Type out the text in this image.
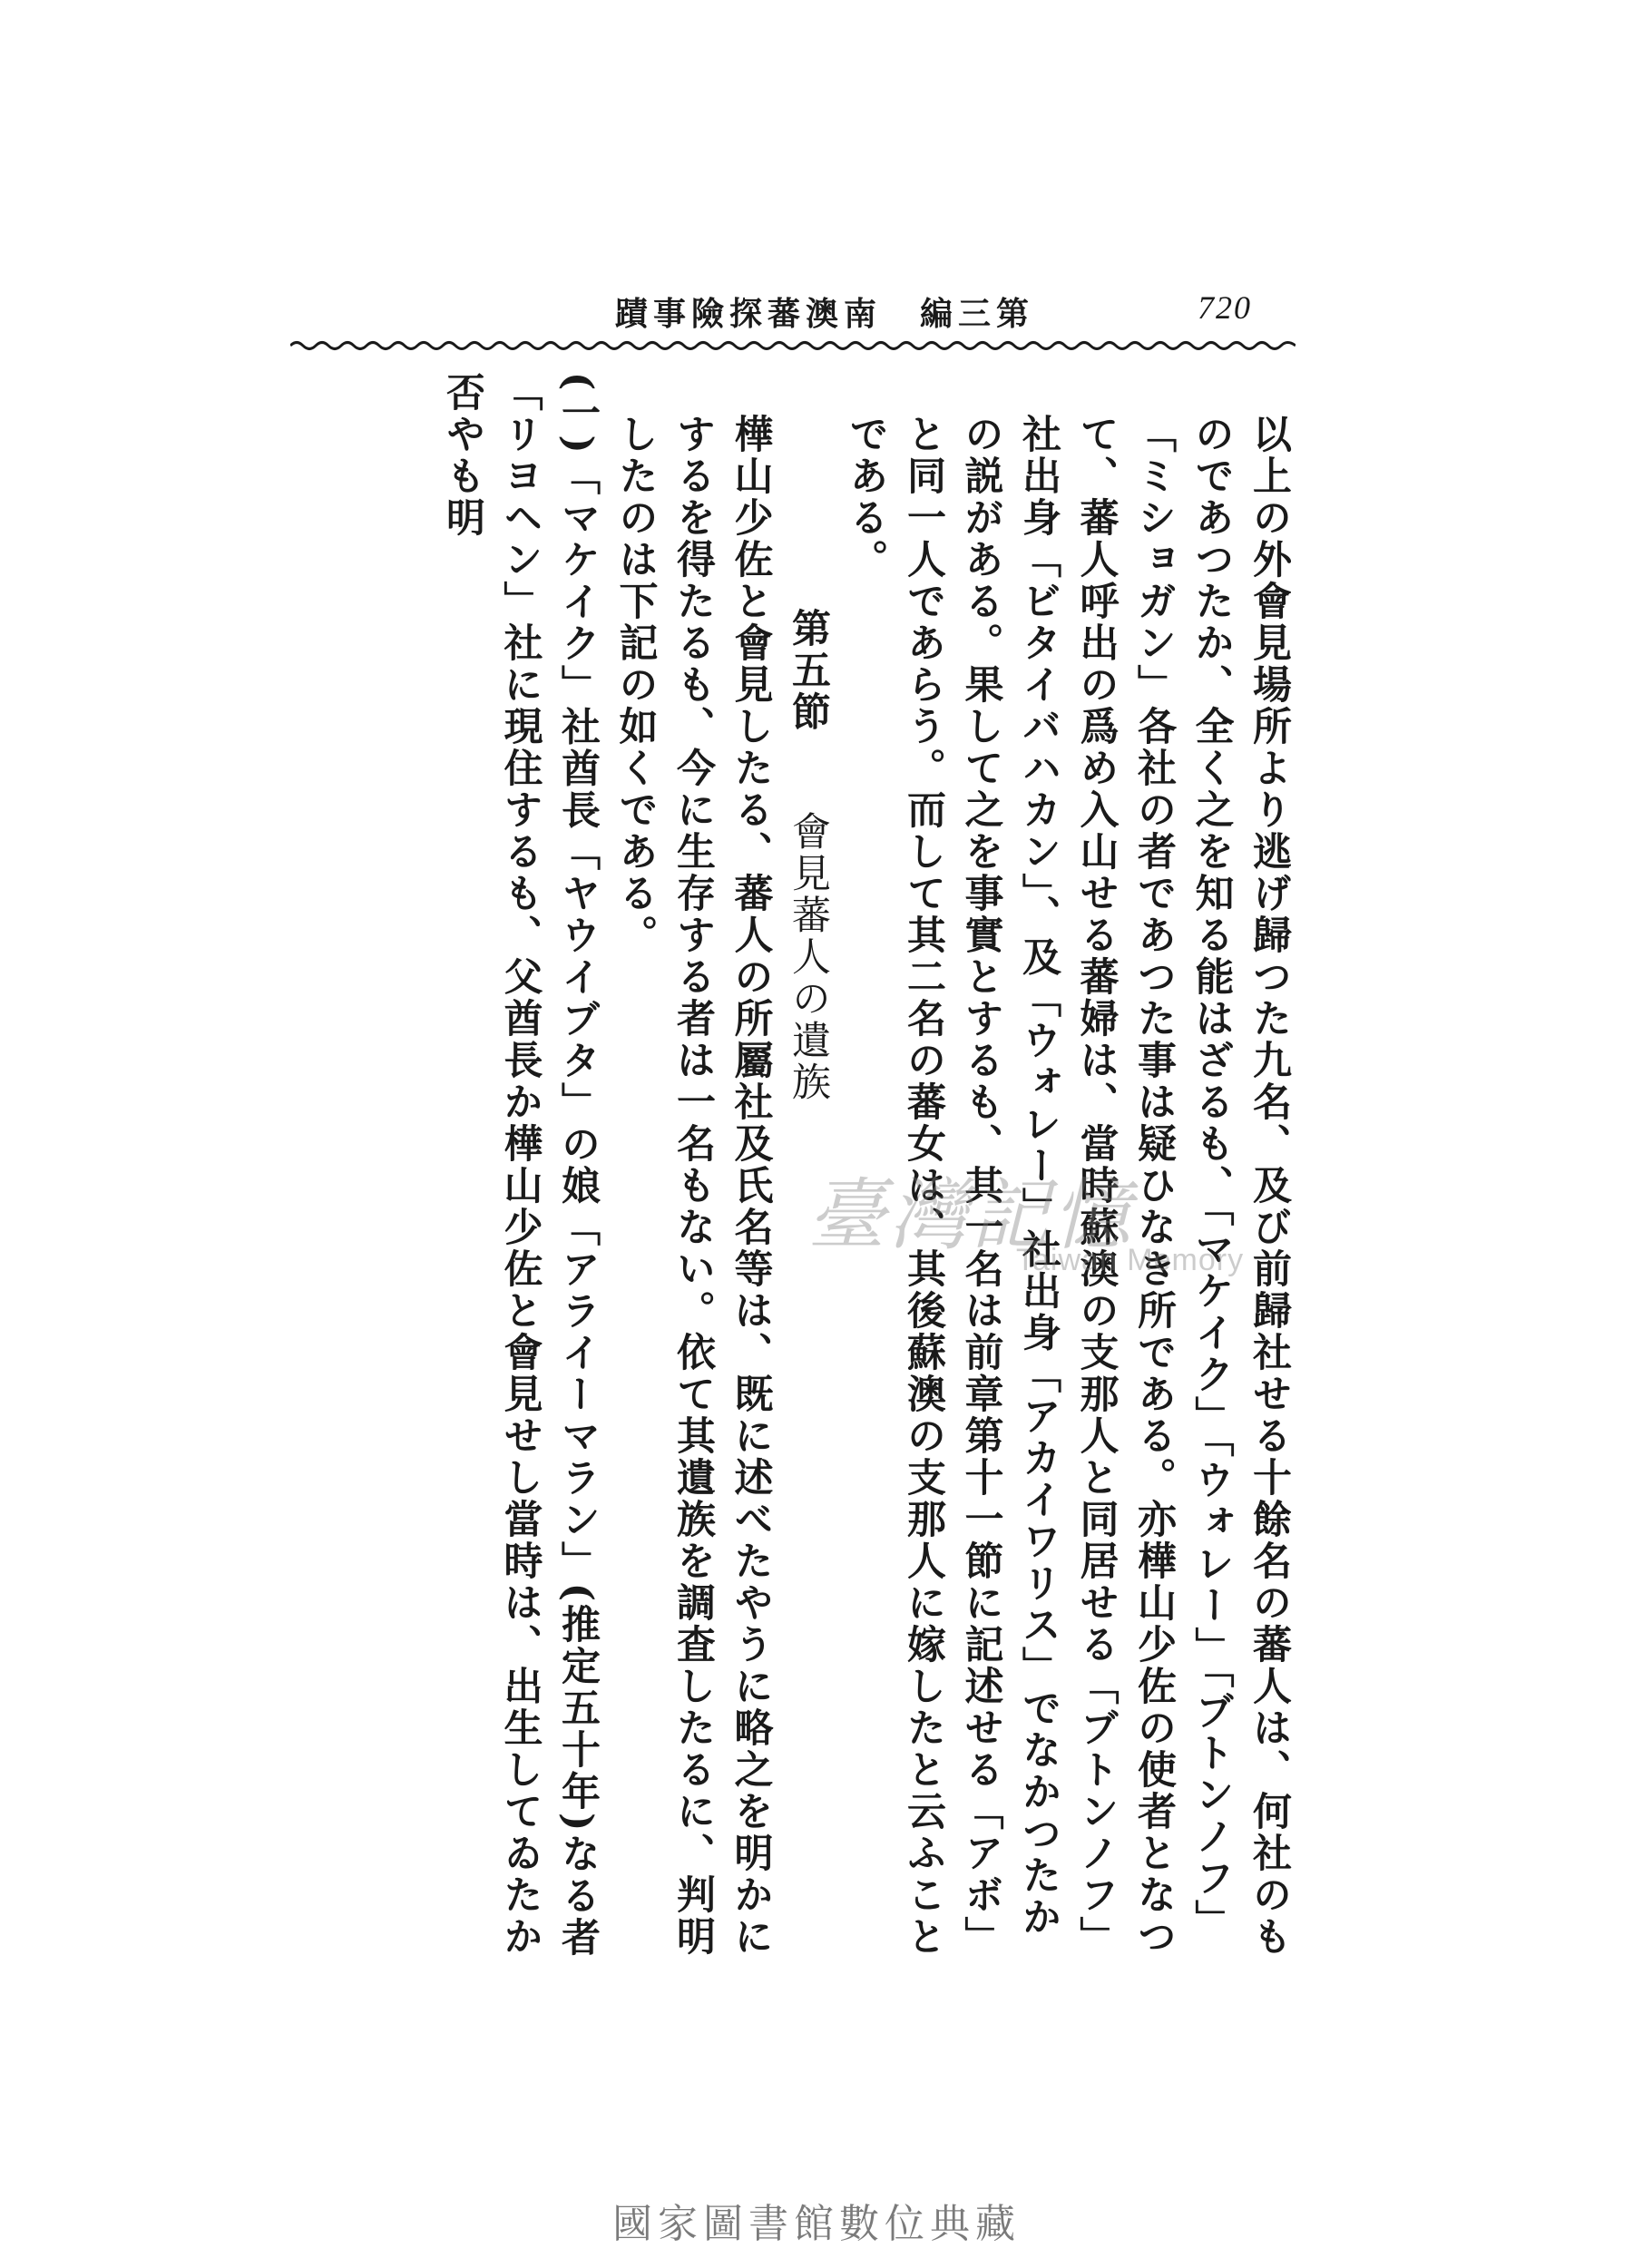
720
第三編　南澳蕃探險事蹟

以上の外會見場所より逃げ歸つた九名、及び前歸社せる十餘名の蕃人は、何社のものであつたか、全く之を知る能はざるも、「マケイク」「ウォレー」「ブトンノフ」「ミショガン」各社の者であつた事は疑ひなき所である。亦樺山少佐の使者となつて、蕃人呼出の爲め入山せる蕃婦は、當時蘇澳の支那人と同居せる「ブトンノフ」社出身「ビタイバハカン」、及「ウォレー」社出身「アカイワリス」でなかつたかの説がある。果して之を事實とするも、其一名は前章第十一節に記述せる「アボ」と同一人であらう。而して其二名の蕃女は、其後蘇澳の支那人に嫁したと云ふことである。

第五節　會見蕃人の遺族

樺山少佐と會見したる、蕃人の所屬社及氏名等は、既に述べたやうに略之を明かにするを得たるも、今に生存する者は一名もない。依て其遺族を調査したるに、判明したのは下記の如くである。

(一)「マケイク」社酋長「ヤウイブタ」の娘「アライーマラン」(推定五十年)なる者「リヨヘン」社に現住するも、父酋長か樺山少佐と會見せし當時は、出生してゐたか否やも明

臺灣記憶
Taiwan Memory
國家圖書館數位典藏
